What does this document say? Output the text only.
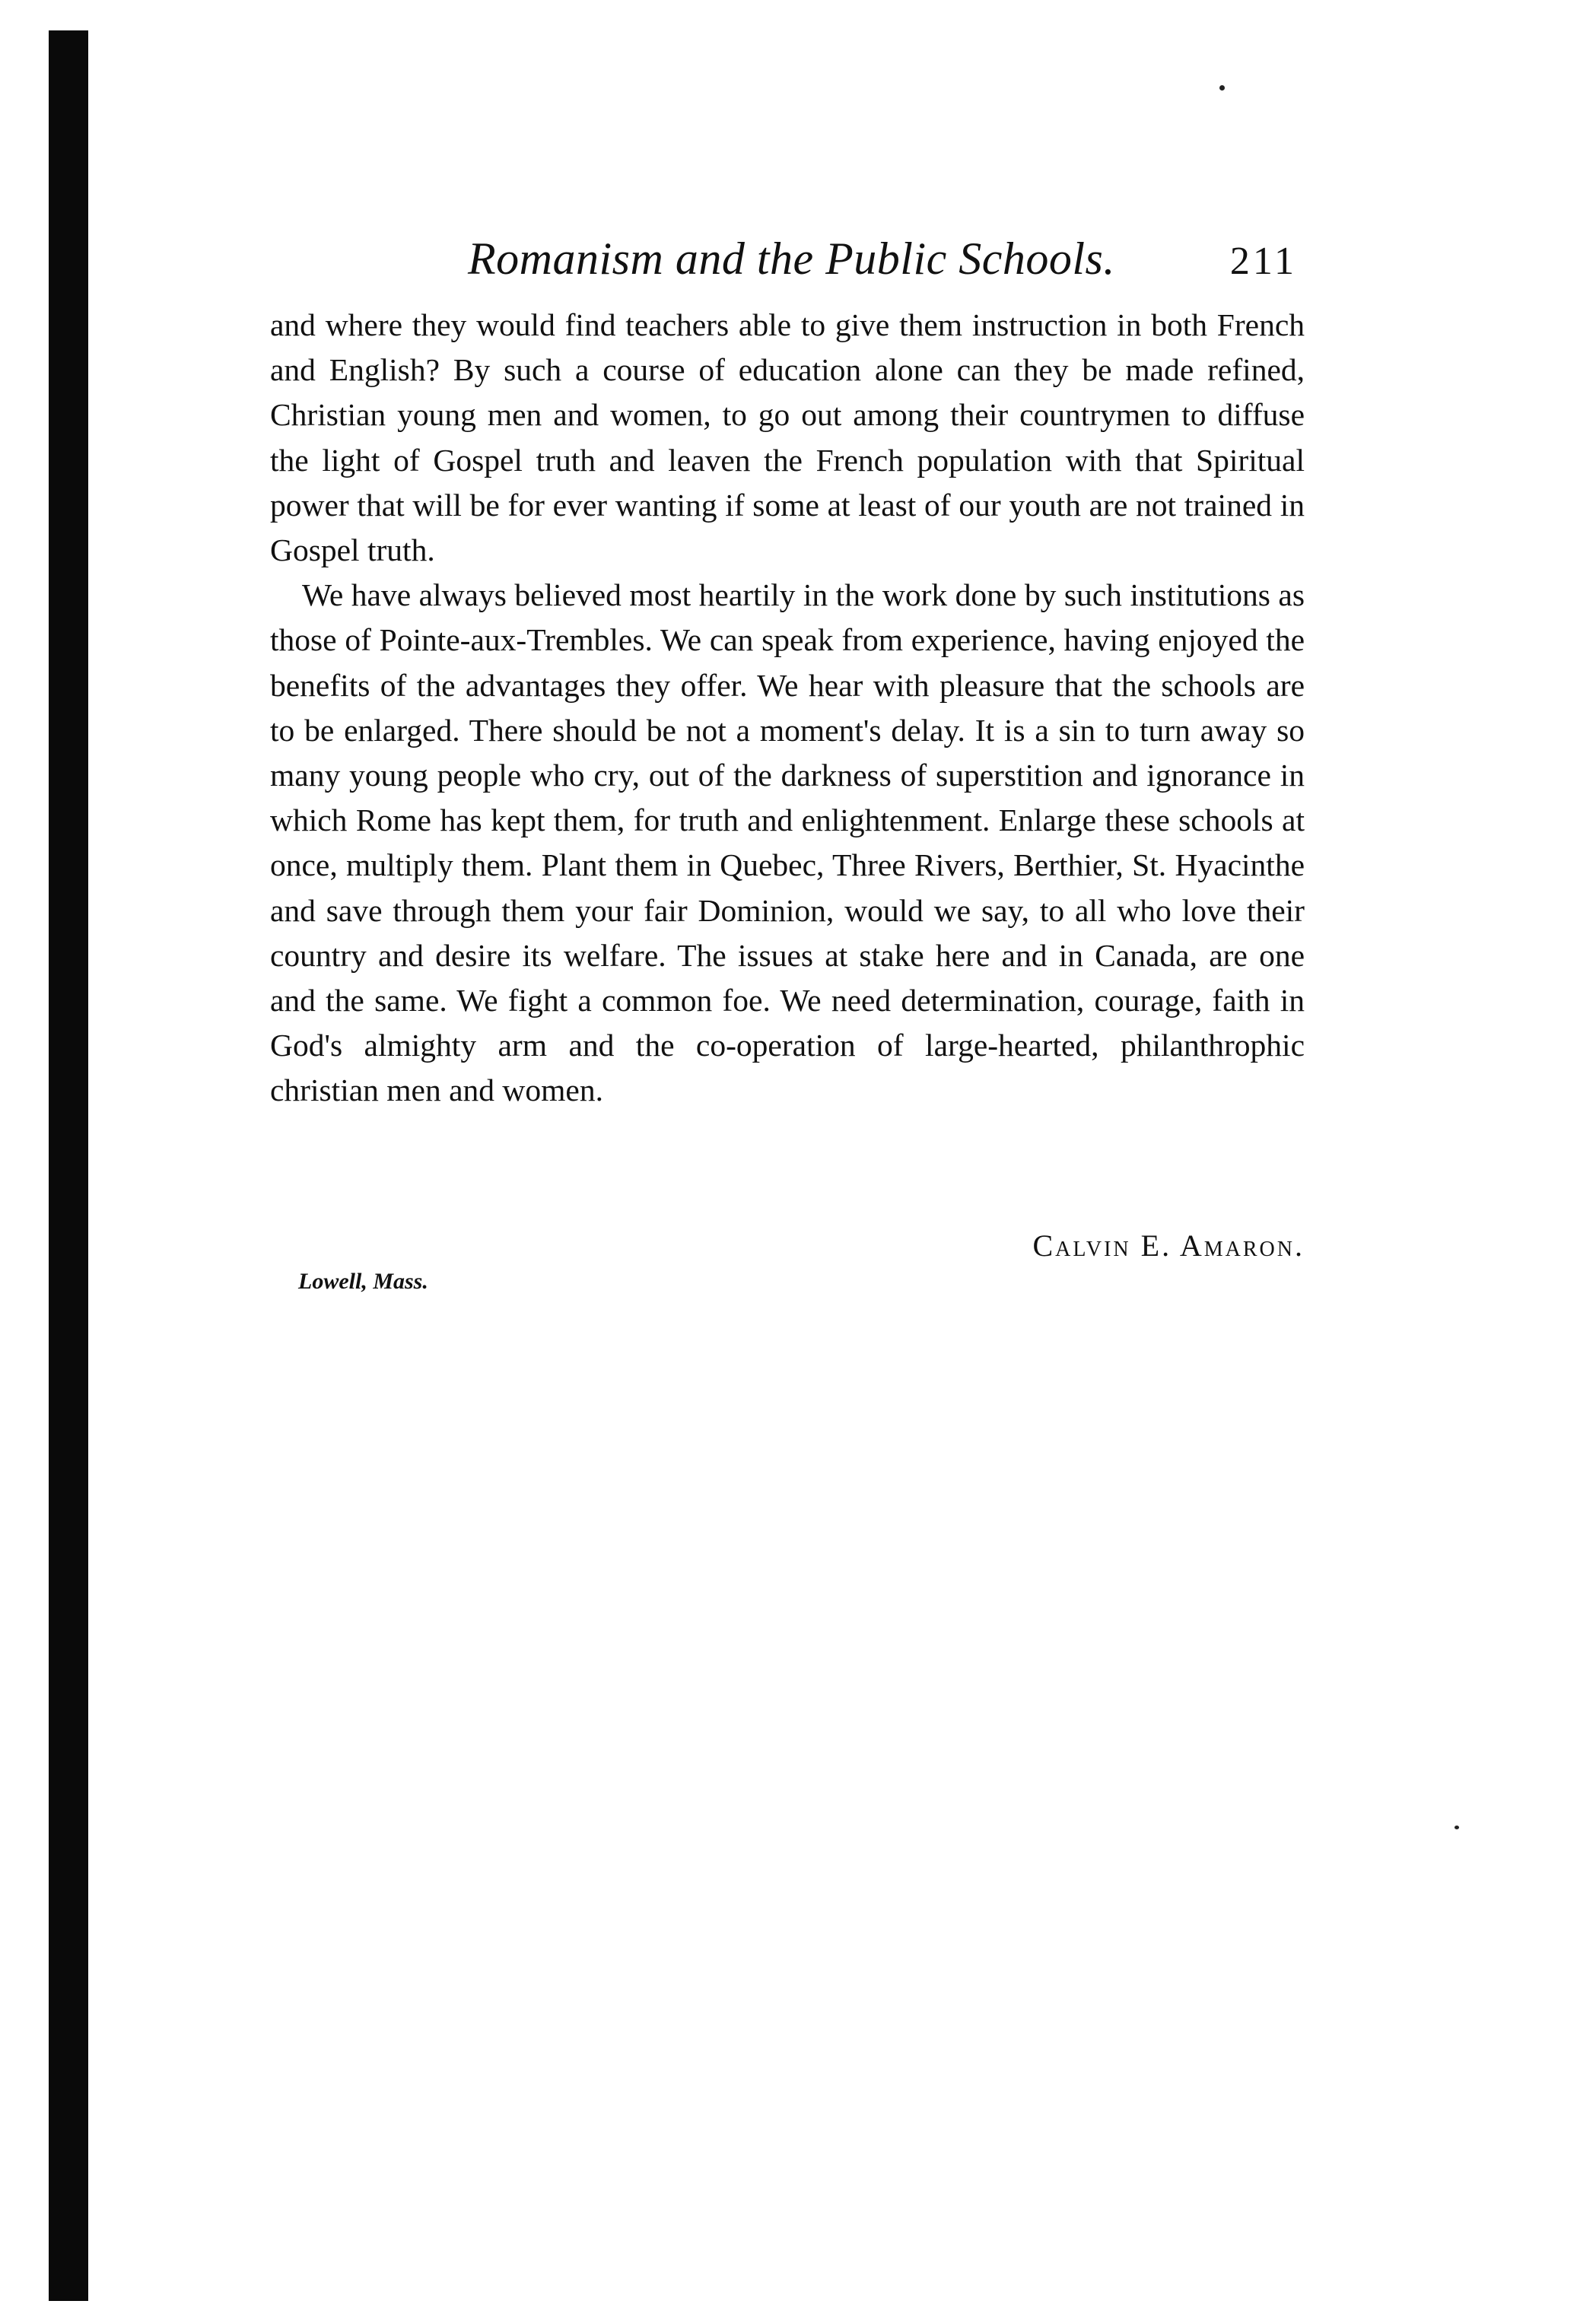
Romanism and the Public Schools.	211

and where they would find teachers able to give them instruction in both French and English? By such a course of education alone can they be made refined, Christian young men and women, to go out among their countrymen to diffuse the light of Gospel truth and leaven the French population with that Spiritual power that will be for ever wanting if some at least of our youth are not trained in Gospel truth.

We have always believed most heartily in the work done by such institutions as those of Pointe-aux-Trembles. We can speak from experience, having enjoyed the benefits of the advantages they offer. We hear with pleasure that the schools are to be enlarged. There should be not a moment's delay. It is a sin to turn away so many young people who cry, out of the darkness of superstition and ignorance in which Rome has kept them, for truth and enlightenment. Enlarge these schools at once, multiply them. Plant them in Quebec, Three Rivers, Berthier, St. Hyacinthe and save through them your fair Dominion, would we say, to all who love their country and desire its welfare. The issues at stake here and in Canada, are one and the same. We fight a common foe. We need determination, courage, faith in God's almighty arm and the co-operation of large-hearted, philanthrophic christian men and women.

Calvin E. Amaron.
Lowell, Mass.
